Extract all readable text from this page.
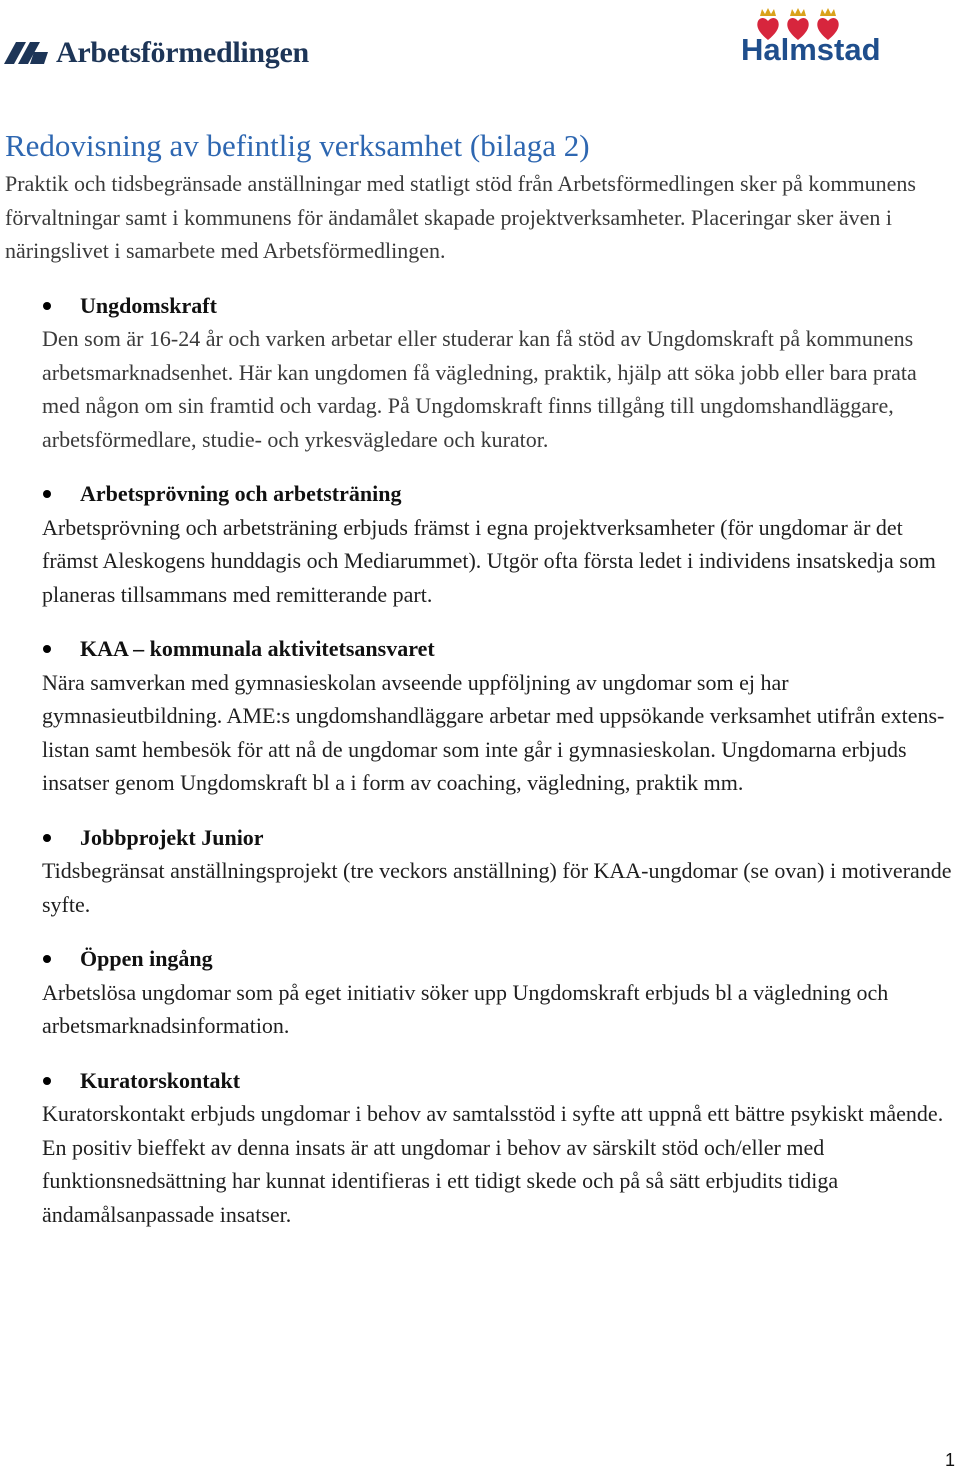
Arbetsförmedlingen	Halmstad
Redovisning av befintlig verksamhet (bilaga 2)

Praktik och tidsbegränsade anställningar med statligt stöd från Arbetsförmedlingen sker på kommunens förvaltningar samt i kommunens för ändamålet skapade projektverksamheter. Placeringar sker även i näringslivet i samarbete med Arbetsförmedlingen.

Ungdomskraft

Den som är 16-24 år och varken arbetar eller studerar kan få stöd av Ungdomskraft på kommunens arbetsmarknadsenhet. Här kan ungdomen få vägledning, praktik, hjälp att söka jobb eller bara prata med någon om sin framtid och vardag. På Ungdomskraft finns tillgång till ungdomshandläggare, arbetsförmedlare, studie- och yrkesvägledare och kurator.

Arbetsprövning och arbetsträning

Arbetsprövning och arbetsträning erbjuds främst i egna projektverksamheter (för ungdomar är det främst Aleskogens hunddagis och Mediarummet). Utgör ofta första ledet i individens insatskedja som planeras tillsammans med remitterande part.

KAA – kommunala aktivitetsansvaret

Nära samverkan med gymnasieskolan avseende uppföljning av ungdomar som ej har gymnasieutbildning. AME:s ungdomshandläggare arbetar med uppsökande verksamhet utifrån extens-listan samt hembesök för att nå de ungdomar som inte går i gymnasieskolan. Ungdomarna erbjuds insatser genom Ungdomskraft bl a i form av coaching, vägledning, praktik mm.

Jobbprojekt Junior

Tidsbegränsat anställningsprojekt (tre veckors anställning) för KAA-ungdomar (se ovan) i motiverande syfte.

Öppen ingång

Arbetslösa ungdomar som på eget initiativ söker upp Ungdomskraft erbjuds bl a vägledning och arbetsmarknadsinformation.

Kuratorskontakt

Kuratorskontakt erbjuds ungdomar i behov av samtalsstöd i syfte att uppnå ett bättre psykiskt mående. En positiv bieffekt av denna insats är att ungdomar i behov av särskilt stöd och/eller med funktionsnedsättning har kunnat identifieras i ett tidigt skede och på så sätt erbjudits tidiga ändamålsanpassade insatser.

1
